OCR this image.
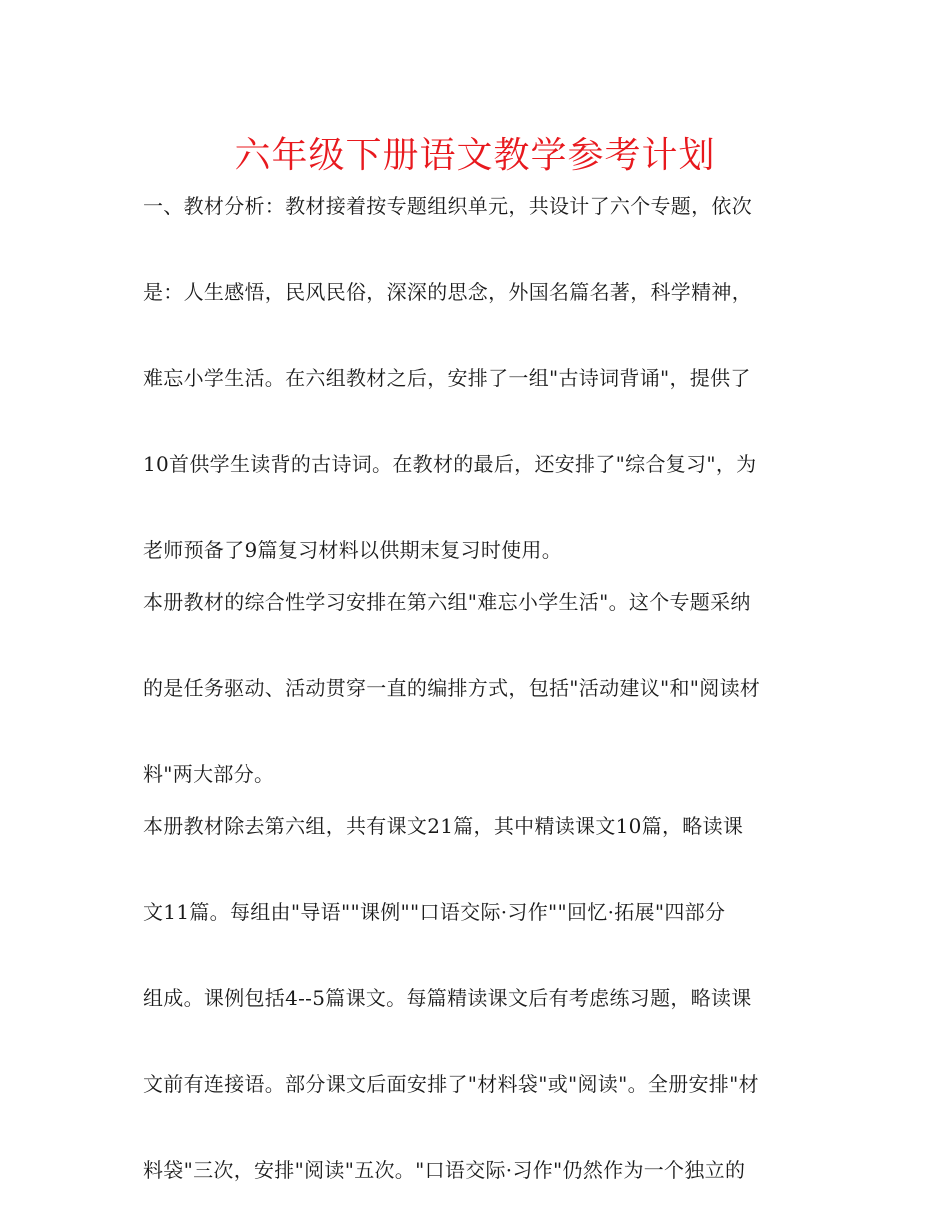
六年级下册语文教学参考计划
一、教材分析：教材接着按专题组织单元，共设计了六个专题，依次
是：人生感悟，民风民俗，深深的思念，外国名篇名著，科学精神，
难忘小学生活。在六组教材之后，安排了一组"古诗词背诵"，提供了
10首供学生读背的古诗词。在教材的最后，还安排了"综合复习"，为
老师预备了9篇复习材料以供期末复习时使用。
本册教材的综合性学习安排在第六组"难忘小学生活"。这个专题采纳
的是任务驱动、活动贯穿一直的编排方式，包括"活动建议"和"阅读材
料"两大部分。
本册教材除去第六组，共有课文21篇，其中精读课文10篇，略读课
文11篇。每组由"导语""课例""口语交际·习作""回忆·拓展"四部分
组成。课例包括4--5篇课文。每篇精读课文后有考虑练习题，略读课
文前有连接语。部分课文后面安排了"材料袋"或"阅读"。全册安排"材
料袋"三次，安排"阅读"五次。"口语交际·习作"仍然作为一个独立的
